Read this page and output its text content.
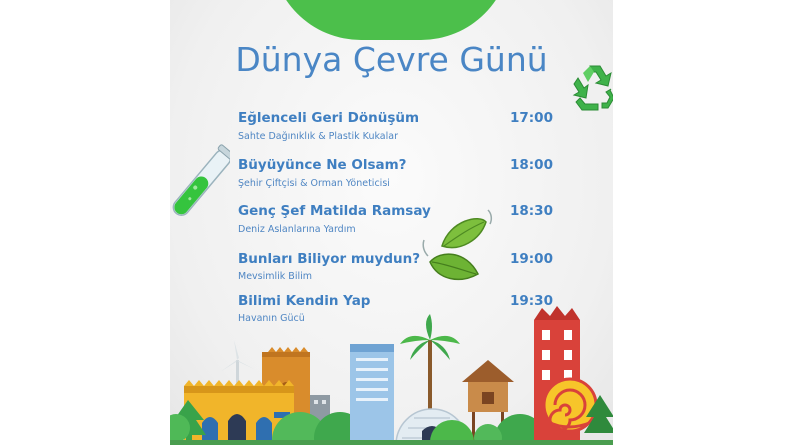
Dünya Çevre Günü
Eğlenceli Geri Dönüşüm	17:00
Sahte Dağınıklık & Plastik Kukalar
Büyüyünce Ne Olsam?	18:00
Şehir Çiftçisi & Orman Yöneticisi
Genç Şef Matilda Ramsay	18:30
Deniz Aslanlarına Yardım
Bunları Biliyor muydun?	19:00
Mevsimlik Bilim
Bilimi Kendin Yap	19:30
Havanın Gücü
